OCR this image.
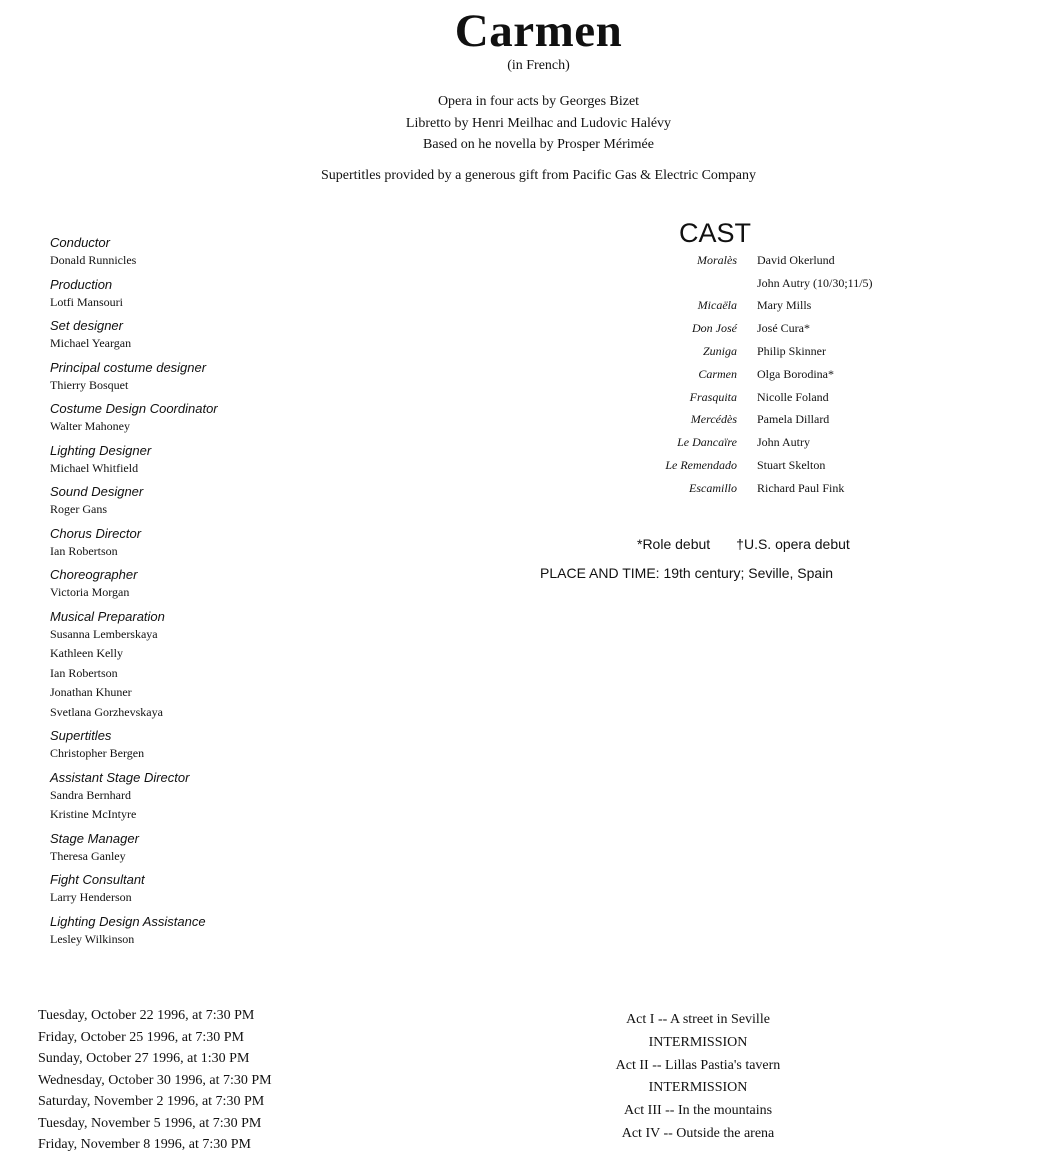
Carmen
(in French)
Opera in four acts by Georges Bizet
Libretto by Henri Meilhac and Ludovic Halévy
Based on he novella by Prosper Mérimée
Supertitles provided by a generous gift from Pacific Gas & Electric Company
Conductor
Donald Runnicles
Production
Lotfi Mansouri
Set designer
Michael Yeargan
Principal costume designer
Thierry Bosquet
Costume Design Coordinator
Walter Mahoney
Lighting Designer
Michael Whitfield
Sound Designer
Roger Gans
Chorus Director
Ian Robertson
Choreographer
Victoria Morgan
Musical Preparation
Susanna Lemberskaya
Kathleen Kelly
Ian Robertson
Jonathan Khuner
Svetlana Gorzhevskaya
Supertitles
Christopher Bergen
Assistant Stage Director
Sandra Bernhard
Kristine McIntyre
Stage Manager
Theresa Ganley
Fight Consultant
Larry Henderson
Lighting Design Assistance
Lesley Wilkinson
CAST
Moralès David Okerlund
John Autry (10/30;11/5)
Micaëla Mary Mills
Don José José Cura*
Zuniga Philip Skinner
Carmen Olga Borodina*
Frasquita Nicolle Foland
Mercédès Pamela Dillard
Le Dancaïre John Autry
Le Remendado Stuart Skelton
Escamillo Richard Paul Fink
*Role debut †U.S. opera debut
PLACE AND TIME: 19th century; Seville, Spain
Tuesday, October 22 1996, at 7:30 PM
Friday, October 25 1996, at 7:30 PM
Sunday, October 27 1996, at 1:30 PM
Wednesday, October 30 1996, at 7:30 PM
Saturday, November 2 1996, at 7:30 PM
Tuesday, November 5 1996, at 7:30 PM
Friday, November 8 1996, at 7:30 PM
Act I -- A street in Seville
INTERMISSION
Act II -- Lillas Pastia's tavern
INTERMISSION
Act III -- In the mountains
Act IV -- Outside the arena
